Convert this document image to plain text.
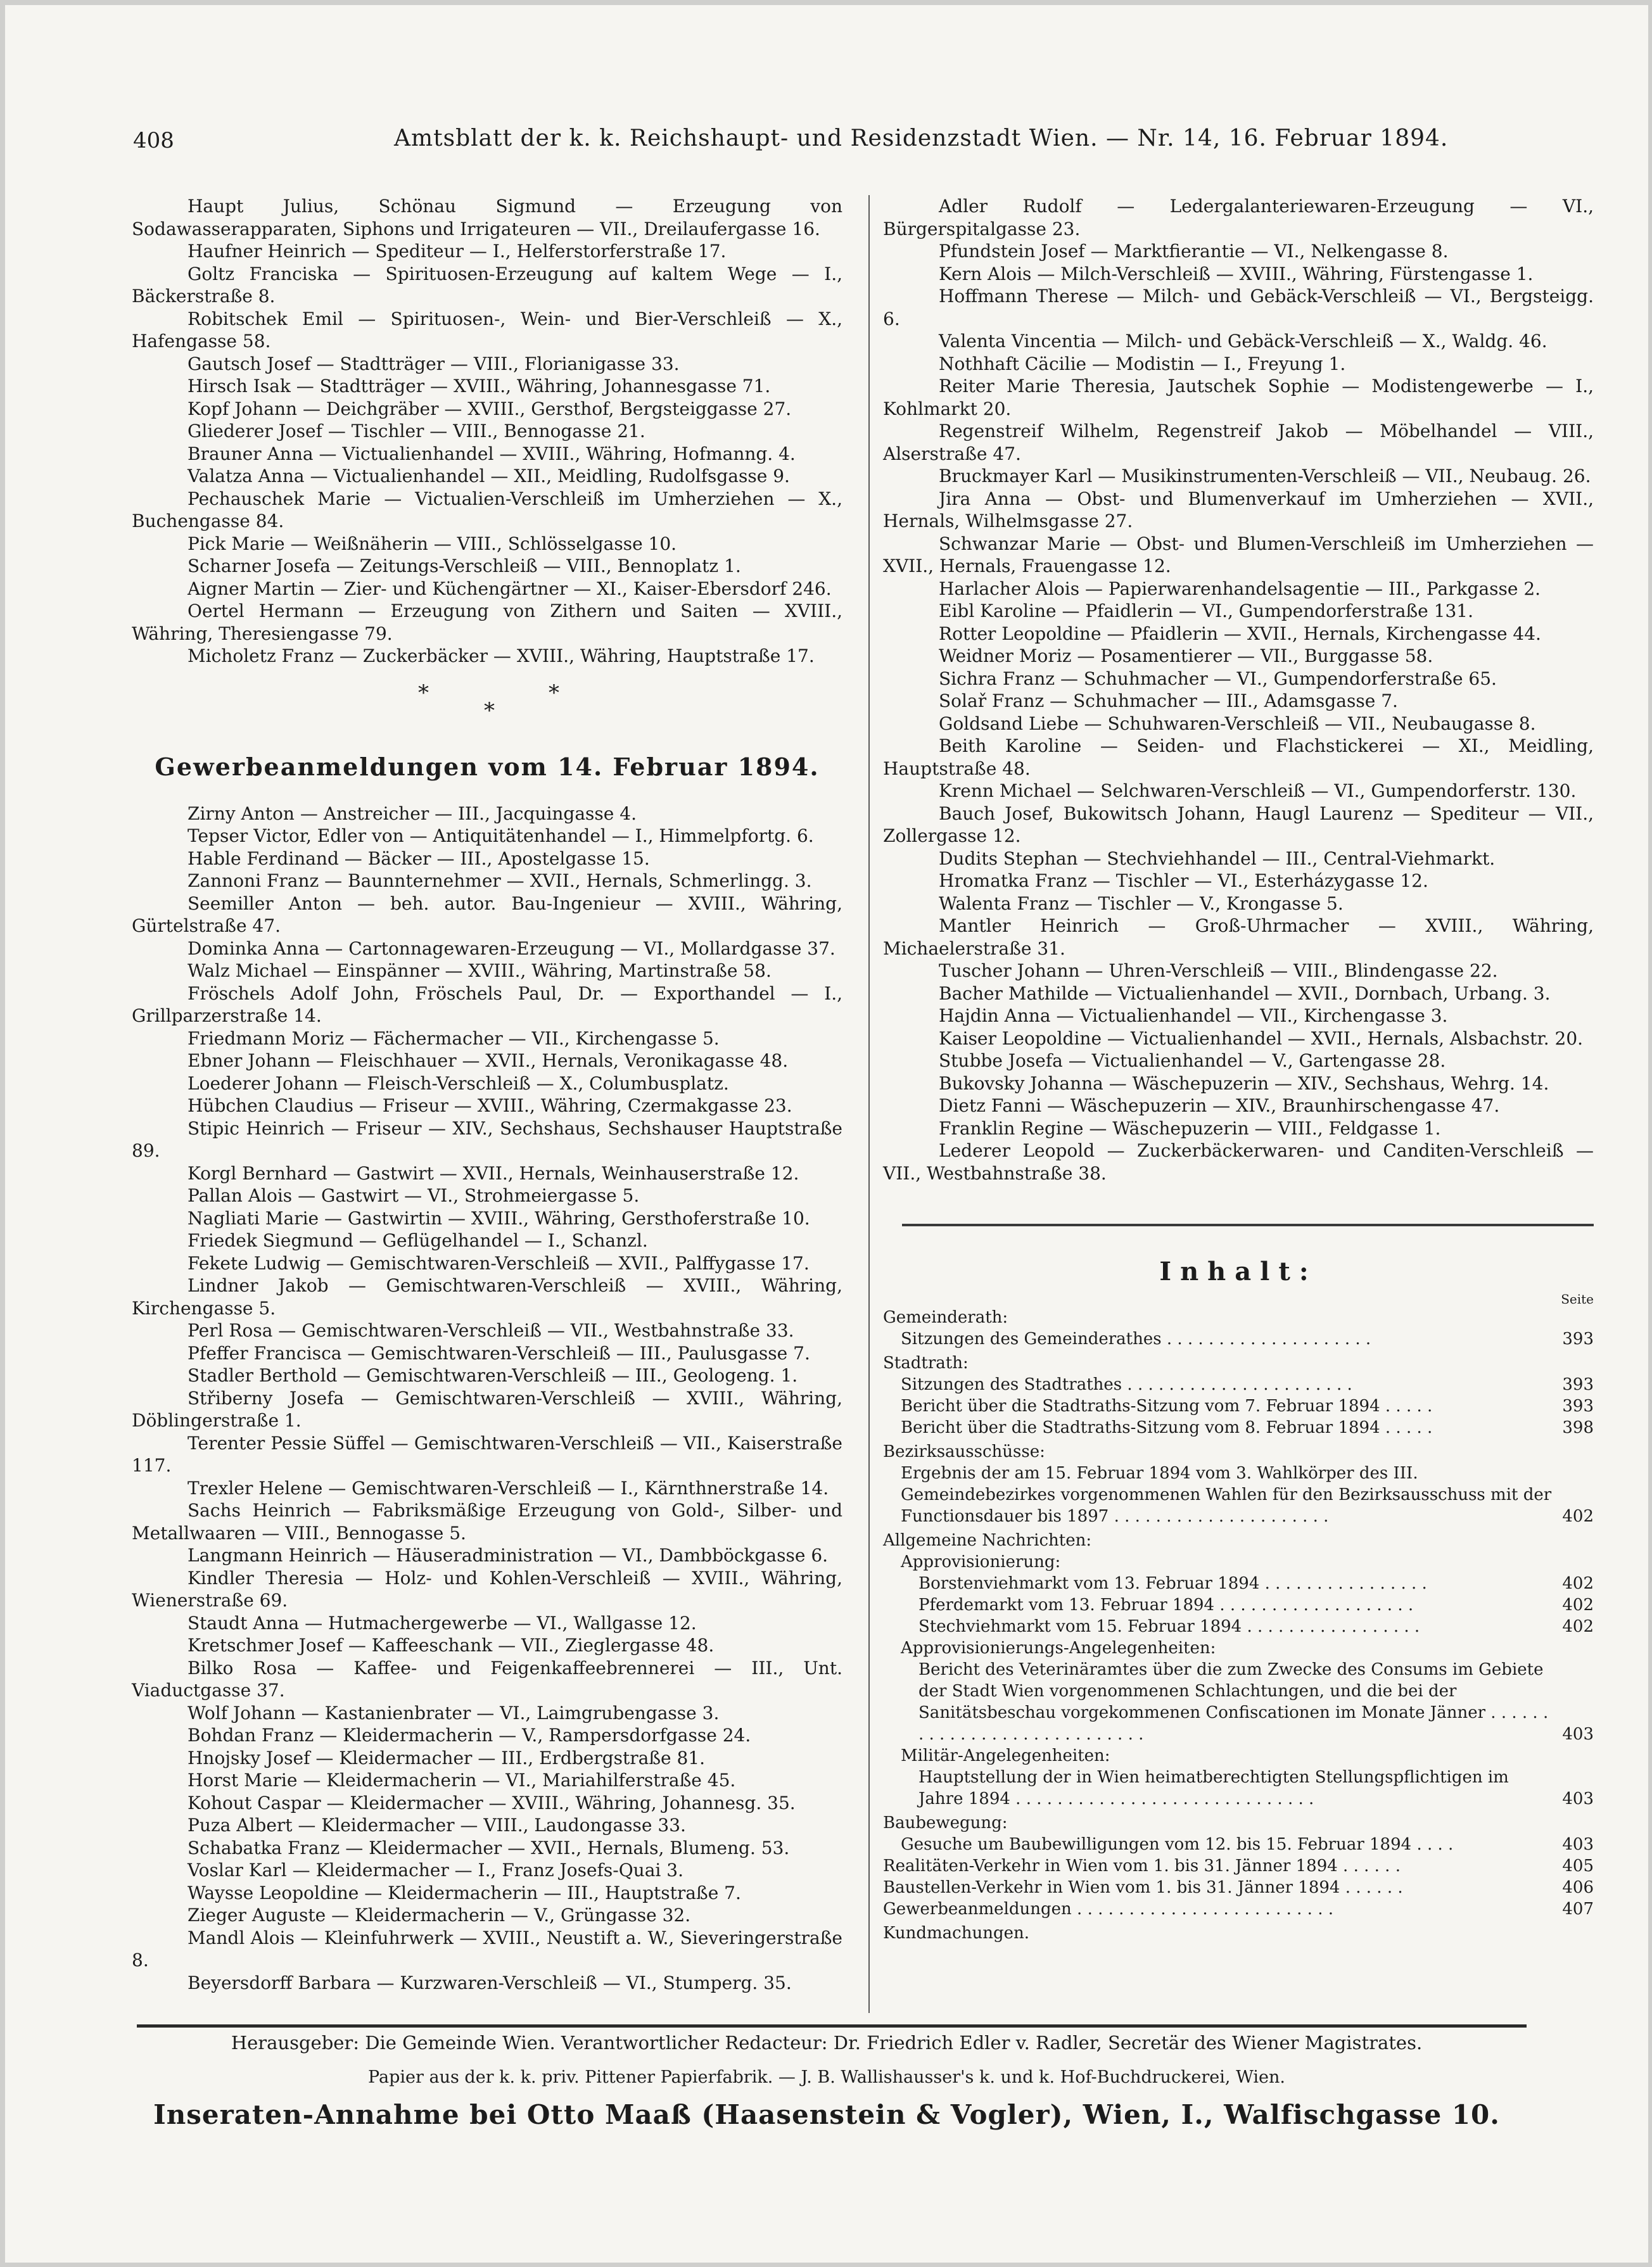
408	Amtsblatt der k. k. Reichshaupt- und Residenzstadt Wien. — Nr. 14, 16. Februar 1894.
Haupt Julius, Schönau Sigmund — Erzeugung von Sodawasserapparaten, Siphons und Irrigateuren — VII., Dreilaufergasse 16.
Haufner Heinrich — Spediteur — I., Helferstorferstraße 17.
Goltz Franciska — Spirituosen-Erzeugung auf kaltem Wege — I., Bäckerstraße 8.
Robitschek Emil — Spirituosen-, Wein- und Bier-Verschleiß — X., Hafengasse 58.
Gautsch Josef — Stadtträger — VIII., Florianigasse 33.
Hirsch Isak — Stadtträger — XVIII., Währing, Johannesgasse 71.
Kopf Johann — Deichgräber — XVIII., Gersthof, Bergsteiggasse 27.
Gliederer Josef — Tischler — VIII., Bennogasse 21.
Brauner Anna — Victualienhandel — XVIII., Währing, Hofmanng. 4.
Valatza Anna — Victualienhandel — XII., Meidling, Rudolfsgasse 9.
Pechauschek Marie — Victualien-Verschleiß im Umherziehen — X., Buchengasse 84.
Pick Marie — Weißnäherin — VIII., Schlösselgasse 10.
Scharner Josefa — Zeitungs-Verschleiß — VIII., Bennoplatz 1.
Aigner Martin — Zier- und Küchengärtner — XI., Kaiser-Ebersdorf 246.
Oertel Hermann — Erzeugung von Zithern und Saiten — XVIII., Währing, Theresiengasse 79.
Micholetz Franz — Zuckerbäcker — XVIII., Währing, Hauptstraße 17.
*
*
*
Gewerbeanmeldungen vom 14. Februar 1894.
Zirny Anton — Anstreicher — III., Jacquingasse 4.
Tepser Victor, Edler von — Antiquitätenhandel — I., Himmelpfortg. 6.
Hable Ferdinand — Bäcker — III., Apostelgasse 15.
Zannoni Franz — Baunnternehmer — XVII., Hernals, Schmerlingg. 3.
Seemiller Anton — beh. autor. Bau-Ingenieur — XVIII., Währing, Gürtelstraße 47.
Dominka Anna — Cartonnagewaren-Erzeugung — VI., Mollardgasse 37.
Walz Michael — Einspänner — XVIII., Währing, Martinstraße 58.
Fröschels Adolf John, Fröschels Paul, Dr. — Exporthandel — I., Grillparzerstraße 14.
Friedmann Moriz — Fächermacher — VII., Kirchengasse 5.
Ebner Johann — Fleischhauer — XVII., Hernals, Veronikagasse 48.
Loederer Johann — Fleisch-Verschleiß — X., Columbusplatz.
Hübchen Claudius — Friseur — XVIII., Währing, Czermakgasse 23.
Stipic Heinrich — Friseur — XIV., Sechshaus, Sechshauser Hauptstraße 89.
Korgl Bernhard — Gastwirt — XVII., Hernals, Weinhauserstraße 12.
Pallan Alois — Gastwirt — VI., Strohmeiergasse 5.
Nagliati Marie — Gastwirtin — XVIII., Währing, Gersthoferstraße 10.
Friedek Siegmund — Geflügelhandel — I., Schanzl.
Fekete Ludwig — Gemischtwaren-Verschleiß — XVII., Palffygasse 17.
Lindner Jakob — Gemischtwaren-Verschleiß — XVIII., Währing, Kirchengasse 5.
Perl Rosa — Gemischtwaren-Verschleiß — VII., Westbahnstraße 33.
Pfeffer Francisca — Gemischtwaren-Verschleiß — III., Paulusgasse 7.
Stadler Berthold — Gemischtwaren-Verschleiß — III., Geologeng. 1.
Střiberny Josefa — Gemischtwaren-Verschleiß — XVIII., Währing, Döblingerstraße 1.
Terenter Pessie Süffel — Gemischtwaren-Verschleiß — VII., Kaiserstraße 117.
Trexler Helene — Gemischtwaren-Verschleiß — I., Kärnthnerstraße 14.
Sachs Heinrich — Fabriksmäßige Erzeugung von Gold-, Silber- und Metallwaaren — VIII., Bennogasse 5.
Langmann Heinrich — Häuseradministration — VI., Dambböckgasse 6.
Kindler Theresia — Holz- und Kohlen-Verschleiß — XVIII., Währing, Wienerstraße 69.
Staudt Anna — Hutmachergewerbe — VI., Wallgasse 12.
Kretschmer Josef — Kaffeeschank — VII., Zieglergasse 48.
Bilko Rosa — Kaffee- und Feigenkaffeebrennerei — III., Unt. Viaductgasse 37.
Wolf Johann — Kastanienbrater — VI., Laimgrubengasse 3.
Bohdan Franz — Kleidermacherin — V., Rampersdorfgasse 24.
Hnojsky Josef — Kleidermacher — III., Erdbergstraße 81.
Horst Marie — Kleidermacherin — VI., Mariahilferstraße 45.
Kohout Caspar — Kleidermacher — XVIII., Währing, Johannesg. 35.
Puza Albert — Kleidermacher — VIII., Laudongasse 33.
Schabatka Franz — Kleidermacher — XVII., Hernals, Blumeng. 53.
Voslar Karl — Kleidermacher — I., Franz Josefs-Quai 3.
Waysse Leopoldine — Kleidermacherin — III., Hauptstraße 7.
Zieger Auguste — Kleidermacherin — V., Grüngasse 32.
Mandl Alois — Kleinfuhrwerk — XVIII., Neustift a. W., Sieveringerstraße 8.
Beyersdorff Barbara — Kurzwaren-Verschleiß — VI., Stumperg. 35.
Adler Rudolf — Ledergalanteriewaren-Erzeugung — VI., Bürgerspitalgasse 23.
Pfundstein Josef — Marktfierantie — VI., Nelkengasse 8.
Kern Alois — Milch-Verschleiß — XVIII., Währing, Fürstengasse 1.
Hoffmann Therese — Milch- und Gebäck-Verschleiß — VI., Bergsteigg. 6.
Valenta Vincentia — Milch- und Gebäck-Verschleiß — X., Waldg. 46.
Nothhaft Cäcilie — Modistin — I., Freyung 1.
Reiter Marie Theresia, Jautschek Sophie — Modistengewerbe — I., Kohlmarkt 20.
Regenstreif Wilhelm, Regenstreif Jakob — Möbelhandel — VIII., Alserstraße 47.
Bruckmayer Karl — Musikinstrumenten-Verschleiß — VII., Neubaug. 26.
Jira Anna — Obst- und Blumenverkauf im Umherziehen — XVII., Hernals, Wilhelmsgasse 27.
Schwanzar Marie — Obst- und Blumen-Verschleiß im Umherziehen — XVII., Hernals, Frauengasse 12.
Harlacher Alois — Papierwarenhandelsagentie — III., Parkgasse 2.
Eibl Karoline — Pfaidlerin — VI., Gumpendorferstraße 131.
Rotter Leopoldine — Pfaidlerin — XVII., Hernals, Kirchengasse 44.
Weidner Moriz — Posamentierer — VII., Burggasse 58.
Sichra Franz — Schuhmacher — VI., Gumpendorferstraße 65.
Solař Franz — Schuhmacher — III., Adamsgasse 7.
Goldsand Liebe — Schuhwaren-Verschleiß — VII., Neubaugasse 8.
Beith Karoline — Seiden- und Flachstickerei — XI., Meidling, Hauptstraße 48.
Krenn Michael — Selchwaren-Verschleiß — VI., Gumpendorferstr. 130.
Bauch Josef, Bukowitsch Johann, Haugl Laurenz — Spediteur — VII., Zollergasse 12.
Dudits Stephan — Stechviehhandel — III., Central-Viehmarkt.
Hromatka Franz — Tischler — VI., Esterházygasse 12.
Walenta Franz — Tischler — V., Krongasse 5.
Mantler Heinrich — Groß-Uhrmacher — XVIII., Währing, Michaelerstraße 31.
Tuscher Johann — Uhren-Verschleiß — VIII., Blindengasse 22.
Bacher Mathilde — Victualienhandel — XVII., Dornbach, Urbang. 3.
Hajdin Anna — Victualienhandel — VII., Kirchengasse 3.
Kaiser Leopoldine — Victualienhandel — XVII., Hernals, Alsbachstr. 20.
Stubbe Josefa — Victualienhandel — V., Gartengasse 28.
Bukovsky Johanna — Wäschepuzerin — XIV., Sechshaus, Wehrg. 14.
Dietz Fanni — Wäschepuzerin — XIV., Braunhirschengasse 47.
Franklin Regine — Wäschepuzerin — VIII., Feldgasse 1.
Lederer Leopold — Zuckerbäckerwaren- und Canditen-Verschleiß — VII., Westbahnstraße 38.
Inhalt:
Seite
Gemeinderath:
Sitzungen des Gemeinderathes . . . . . . . . . . . . . . . . . . . .	393
Stadtrath:
Sitzungen des Stadtrathes . . . . . . . . . . . . . . . . . . . . . .	393
Bericht über die Stadtraths-Sitzung vom 7. Februar 1894 . . . . .	393
Bericht über die Stadtraths-Sitzung vom 8. Februar 1894 . . . . .	398
Bezirksausschüsse:
Ergebnis der am 15. Februar 1894 vom 3. Wahlkörper des III. Gemeindebezirkes vorgenommenen Wahlen für den Bezirksausschuss mit der Functionsdauer bis 1897 . . . . . . . . . . . . . . . . . . . . .	402
Allgemeine Nachrichten:
Approvisionierung:
Borstenviehmarkt vom 13. Februar 1894 . . . . . . . . . . . . . . . .	402
Pferdemarkt vom 13. Februar 1894 . . . . . . . . . . . . . . . . . . .	402
Stechviehmarkt vom 15. Februar 1894 . . . . . . . . . . . . . . . . .	402
Approvisionierungs-Angelegenheiten:
Bericht des Veterinäramtes über die zum Zwecke des Consums im Gebiete der Stadt Wien vorgenommenen Schlachtungen, und die bei der Sanitätsbeschau vorgekommenen Confiscationen im Monate Jänner . . . . . . . . . . . . . . . . . . . . . . . . . . . .	403
Militär-Angelegenheiten:
Hauptstellung der in Wien heimatberechtigten Stellungspflichtigen im Jahre 1894 . . . . . . . . . . . . . . . . . . . . . . . . . . . . .	403
Baubewegung:
Gesuche um Baubewilligungen vom 12. bis 15. Februar 1894 . . . .	403
Realitäten-Verkehr in Wien vom 1. bis 31. Jänner 1894 . . . . . .	405
Baustellen-Verkehr in Wien vom 1. bis 31. Jänner 1894 . . . . . .	406
Gewerbeanmeldungen . . . . . . . . . . . . . . . . . . . . . . . . .	407
Kundmachungen.
Herausgeber: Die Gemeinde Wien. Verantwortlicher Redacteur: Dr. Friedrich Edler v. Radler, Secretär des Wiener Magistrates.
Papier aus der k. k. priv. Pittener Papierfabrik. — J. B. Wallishausser's k. und k. Hof-Buchdruckerei, Wien.
Inseraten-Annahme bei Otto Maaß (Haasenstein & Vogler), Wien, I., Walfischgasse 10.
